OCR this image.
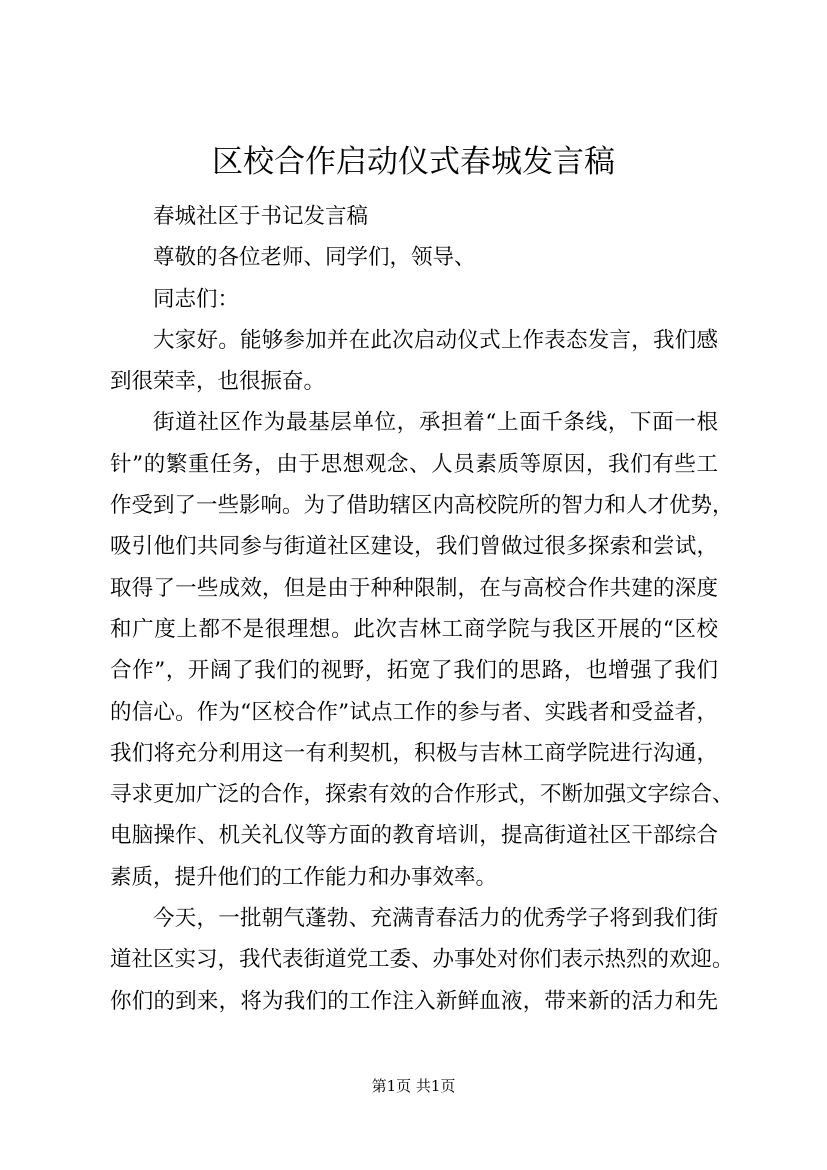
区校合作启动仪式春城发言稿

春城社区于书记发言稿

尊敬的各位老师、同学们，领导、

同志们：

大家好。能够参加并在此次启动仪式上作表态发言，我们感
到很荣幸，也很振奋。

街道社区作为最基层单位，承担着“上面千条线，下面一根
针”的繁重任务，由于思想观念、人员素质等原因，我们有些工
作受到了一些影响。为了借助辖区内高校院所的智力和人才优势，
吸引他们共同参与街道社区建设，我们曾做过很多探索和尝试，
取得了一些成效，但是由于种种限制，在与高校合作共建的深度
和广度上都不是很理想。此次吉林工商学院与我区开展的“区校
合作”，开阔了我们的视野，拓宽了我们的思路，也增强了我们
的信心。作为“区校合作”试点工作的参与者、实践者和受益者，
我们将充分利用这一有利契机，积极与吉林工商学院进行沟通，
寻求更加广泛的合作，探索有效的合作形式，不断加强文字综合、
电脑操作、机关礼仪等方面的教育培训，提高街道社区干部综合
素质，提升他们的工作能力和办事效率。

今天，一批朝气蓬勃、充满青春活力的优秀学子将到我们街
道社区实习，我代表街道党工委、办事处对你们表示热烈的欢迎。
你们的到来，将为我们的工作注入新鲜血液，带来新的活力和先

第1页 共1页
